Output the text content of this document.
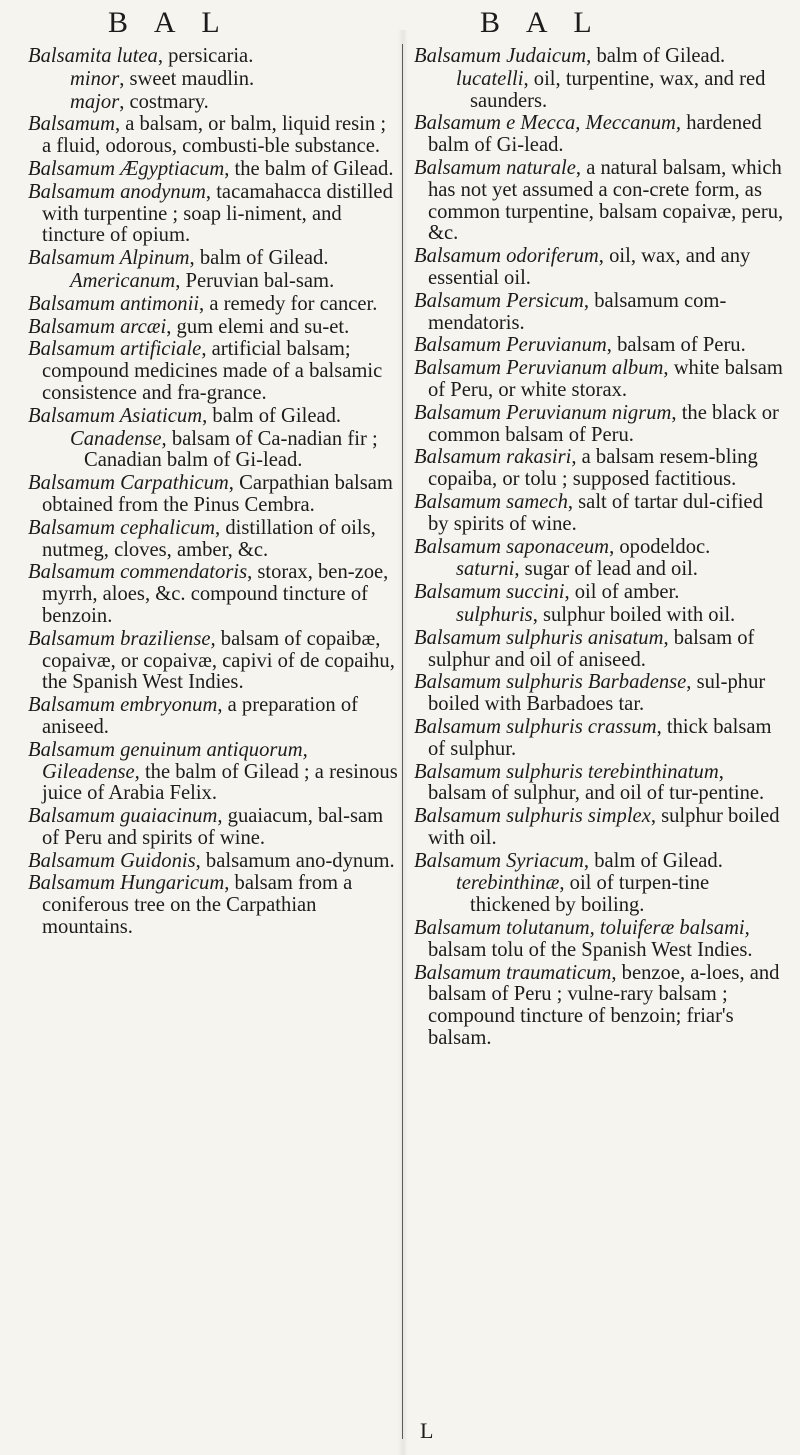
B A L	B A L
Balsamita lutea, persicaria.
minor, sweet maudlin.
major, costmary.
Balsamum, a balsam, or balm, liquid resin ; a fluid, odorous, combusti-ble substance.
Balsamum Ægyptiacum, the balm of Gilead.
Balsamum anodynum, tacamahacca distilled with turpentine ; soap li-niment, and tincture of opium.
Balsamum Alpinum, balm of Gilead.
Americanum, Peruvian bal-sam.
Balsamum antimonii, a remedy for cancer.
Balsamum arcæi, gum elemi and su-et.
Balsamum artificiale, artificial balsam; compound medicines made of a balsamic consistence and fra-grance.
Balsamum Asiaticum, balm of Gilead.
Canadense, balsam of Ca-nadian fir ; Canadian balm of Gi-lead.
Balsamum Carpathicum, Carpathian balsam obtained from the Pinus Cembra.
Balsamum cephalicum, distillation of oils, nutmeg, cloves, amber, &c.
Balsamum commendatoris, storax, ben-zoe, myrrh, aloes, &c. compound tincture of benzoin.
Balsamum braziliense, balsam of copaibæ, copaivæ, or copaivæ, capivi of de copaihu, the Spanish West Indies.
Balsamum embryonum, a preparation of aniseed.
Balsamum genuinum antiquorum, Gileadense, the balm of Gilead ; a resinous juice of Arabia Felix.
Balsamum guaiacinum, guaiacum, bal-sam of Peru and spirits of wine.
Balsamum Guidonis, balsamum ano-dynum.
Balsamum Hungaricum, balsam from a coniferous tree on the Carpathian mountains.
Balsamum Judaicum, balm of Gilead.
lucatelli, oil, turpentine, wax, and red saunders.
Balsamum e Mecca, Meccanum, hardened balm of Gi-lead.
Balsamum naturale, a natural balsam, which has not yet assumed a con-crete form, as common turpentine, balsam copaivæ, peru, &c.
Balsamum odoriferum, oil, wax, and any essential oil.
Balsamum Persicum, balsamum com-mendatoris.
Balsamum Peruvianum, balsam of Peru.
Balsamum Peruvianum album, white balsam of Peru, or white storax.
Balsamum Peruvianum nigrum, the black or common balsam of Peru.
Balsamum rakasiri, a balsam resem-bling copaiba, or tolu ; supposed factitious.
Balsamum samech, salt of tartar dul-cified by spirits of wine.
Balsamum saponaceum, opodeldoc.
saturni, sugar of lead and oil.
Balsamum succini, oil of amber.
sulphuris, sulphur boiled with oil.
Balsamum sulphuris anisatum, balsam of sulphur and oil of aniseed.
Balsamum sulphuris Barbadense, sul-phur boiled with Barbadoes tar.
Balsamum sulphuris crassum, thick balsam of sulphur.
Balsamum sulphuris terebinthinatum, balsam of sulphur, and oil of tur-pentine.
Balsamum sulphuris simplex, sulphur boiled with oil.
Balsamum Syriacum, balm of Gilead.
terebinthinæ, oil of turpen-tine thickened by boiling.
Balsamum tolutanum, toluiferæ balsami, balsam tolu of the Spanish West Indies.
Balsamum traumaticum, benzoe, a-loes, and balsam of Peru ; vulne-rary balsam ; compound tincture of benzoin; friar's balsam.
L
